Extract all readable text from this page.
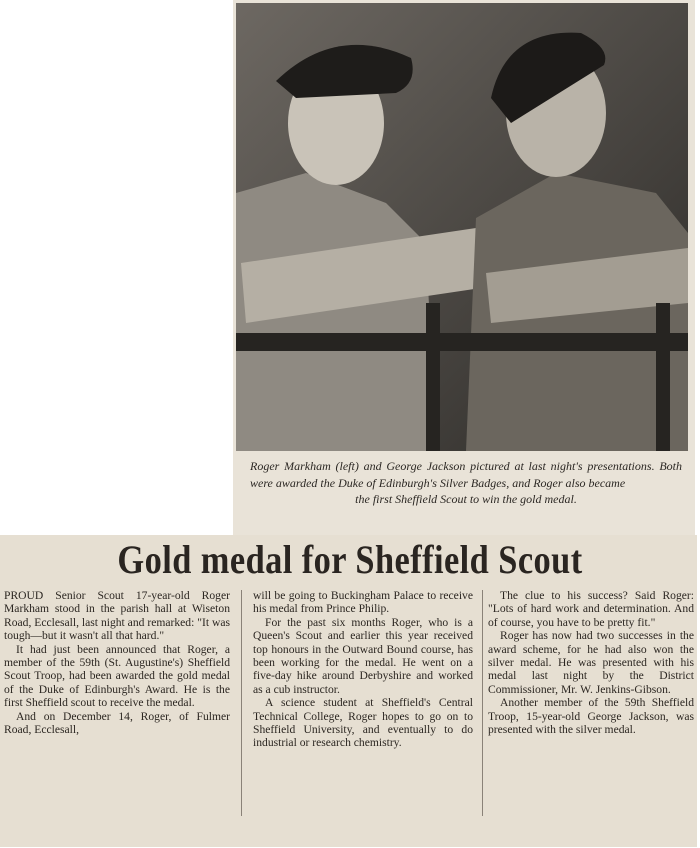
Roger Markham (left) and George Jackson pictured at last night's presentations. Both were awarded the Duke of Edinburgh's Silver Badges, and Roger also became
the first Sheffield Scout to win the gold medal.

Gold medal for Sheffield Scout

PROUD Senior Scout 17-year-old Roger Markham stood in the parish hall at Wiseton Road, Ecclesall, last night and remarked: "It was tough—but it wasn't all that hard."

It had just been announced that Roger, a member of the 59th (St. Augustine's) Sheffield Scout Troop, had been awarded the gold medal of the Duke of Edinburgh's Award. He is the first Sheffield scout to receive the medal.

And on December 14, Roger, of Fulmer Road, Ecclesall,

will be going to Buckingham Palace to receive his medal from Prince Philip.

For the past six months Roger, who is a Queen's Scout and earlier this year received top honours in the Outward Bound course, has been working for the medal. He went on a five-day hike around Derbyshire and worked as a cub instructor.

A science student at Sheffield's Central Technical College, Roger hopes to go on to Sheffield University, and eventually to do industrial or research chemistry.

The clue to his success? Said Roger: "Lots of hard work and determination. And of course, you have to be pretty fit."

Roger has now had two successes in the award scheme, for he had also won the silver medal. He was presented with his medal last night by the District Commissioner, Mr. W. Jenkins-Gibson.

Another member of the 59th Sheffield Troop, 15-year-old George Jackson, was presented with the silver medal.
